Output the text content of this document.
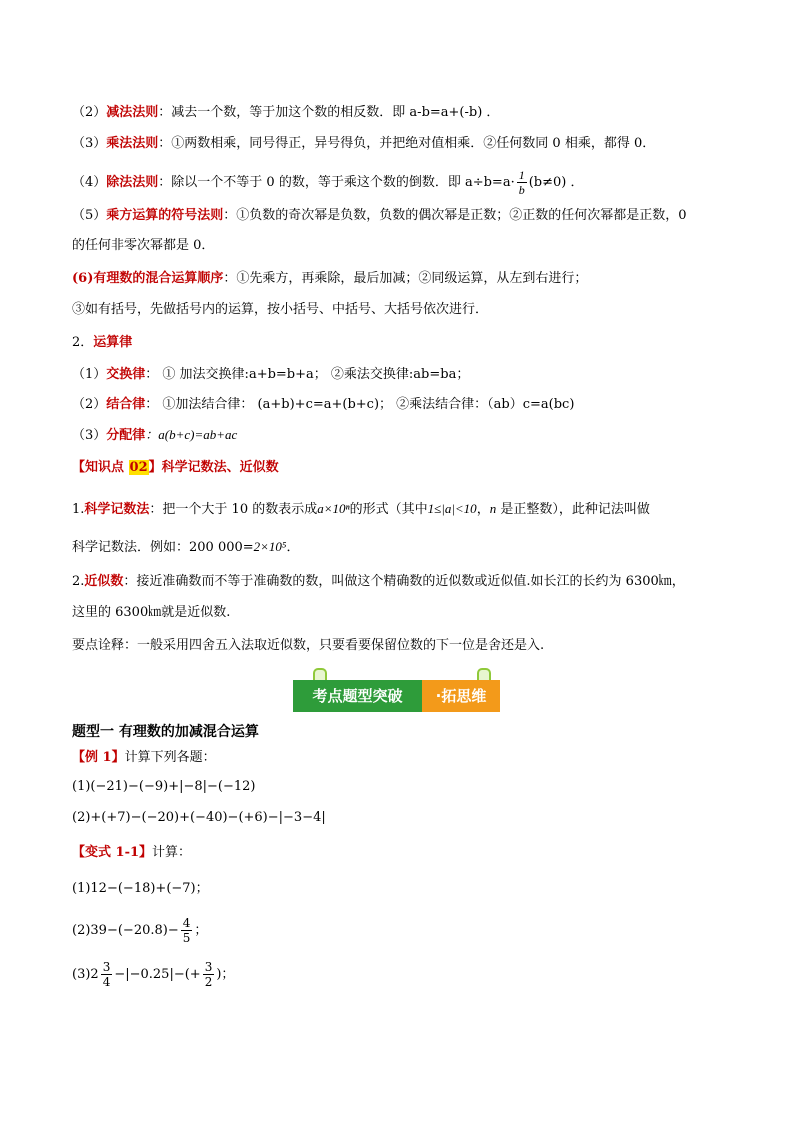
（2）减法法则：减去一个数，等于加这个数的相反数．即 a-b=a+(-b) ．
（3）乘法法则：①两数相乘，同号得正，异号得负，并把绝对值相乘．②任何数同 0 相乘，都得 0．
（4）除法法则：除以一个不等于 0 的数，等于乘这个数的倒数．即 $a\div b=a\cdot \frac{1}{b} (b\ne 0)$ ．
（5）乘方运算的符号法则：①负数的奇次幂是负数，负数的偶次幂是正数；②正数的任何次幂都是正数，0
的任何非零次幂都是 0．
(6)有理数的混合运算顺序：①先乘方，再乘除，最后加减；②同级运算，从左到右进行；
③如有括号，先做括号内的运算，按小括号、中括号、大括号依次进行．
2．运算律
（1）交换律： ① 加法交换律:a+b=b+a； ②乘法交换律:ab=ba；
（2）结合律： ①加法结合律： (a+b)+c=a+(b+c)； ②乘法结合律：（ab）c=a(bc)
（3）分配律：a(b+c)=ab+ac
【知识点 02】科学记数法、近似数
1.科学记数法：把一个大于 10 的数表示成a×10ⁿ的形式（其中1≤|a|<10，n 是正整数），此种记法叫做
科学记数法．例如：200 000=2×10⁵．
2.近似数：接近准确数而不等于准确数的数，叫做这个精确数的近似数或近似值.如长江的长约为 6300㎞，
这里的 6300㎞就是近似数.
要点诠释：一般采用四舍五入法取近似数，只要看要保留位数的下一位是舍还是入.
考点题型突破	·拓思维
题型一 有理数的加减混合运算
【例 1】计算下列各题：
(1)(−21)−(−9)+|−8|−(−12)
(2)+(+7)−(−20)+(−40)−(+6)−|−3−4|
【变式 1-1】计算：
(1)12−(−18)+(−7)；
$(2)39-(-20.8)- \frac{4}{5}$ ；
$(3)2 \frac{3}{4} -|-0.25|-(+ \frac{3}{2}$ )；
